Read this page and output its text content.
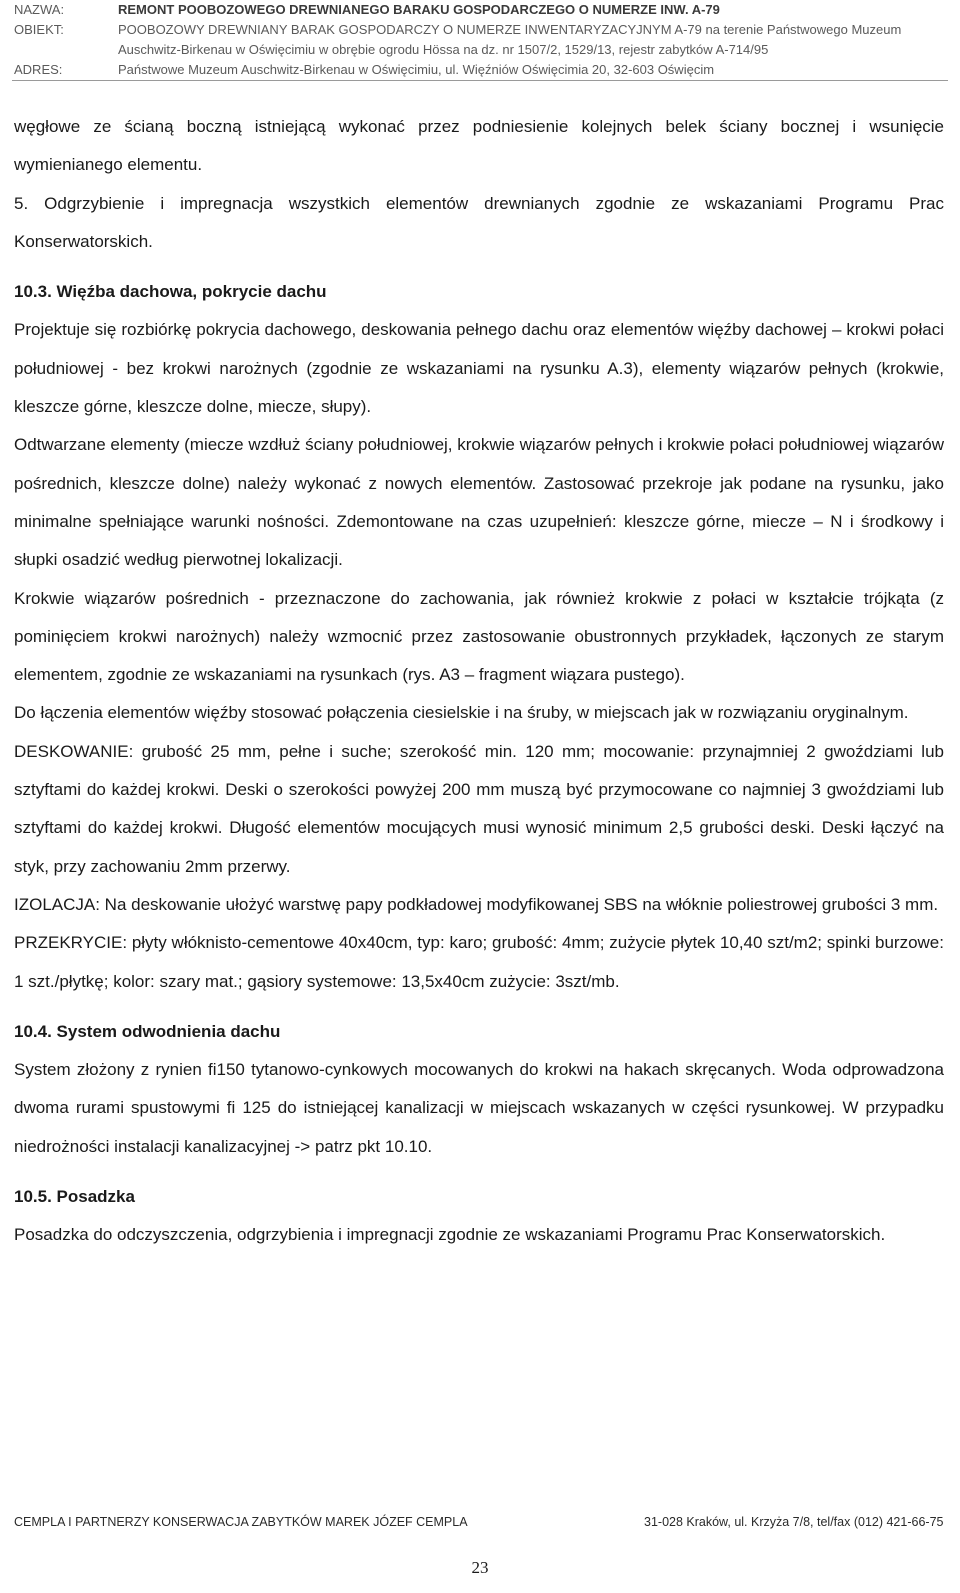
NAZWA:	REMONT POOBOZOWEGO DREWNIANEGO BARAKU GOSPODARCZEGO O NUMERZE INW. A-79
OBIEKT:	POOBOZOWY DREWNIANY BARAK GOSPODARCZY O NUMERZE INWENTARYZACYJNYM A-79 na terenie Państwowego Muzeum
Auschwitz-Birkenau w Oświęcimiu w obrębie ogrodu Hössa na dz. nr 1507/2, 1529/13, rejestr zabytków A-714/95
ADRES:	Państwowe Muzeum Auschwitz-Birkenau w Oświęcimiu, ul. Więźniów Oświęcimia 20, 32-603 Oświęcim

węgłowe ze ścianą boczną istniejącą wykonać przez podniesienie kolejnych belek ściany bocznej i wsunięcie wymienianego elementu.

5. Odgrzybienie i impregnacja wszystkich elementów drewnianych zgodnie ze wskazaniami Programu Prac Konserwatorskich.

10.3. Więźba dachowa, pokrycie dachu

Projektuje się rozbiórkę pokrycia dachowego, deskowania pełnego dachu oraz elementów więźby dachowej – krokwi połaci południowej - bez krokwi narożnych (zgodnie ze wskazaniami na rysunku A.3), elementy wiązarów pełnych (krokwie, kleszcze górne, kleszcze dolne, miecze, słupy).

Odtwarzane elementy (miecze wzdłuż ściany południowej, krokwie wiązarów pełnych i krokwie połaci południowej wiązarów pośrednich, kleszcze dolne) należy wykonać z nowych elementów. Zastosować przekroje jak podane na rysunku, jako minimalne spełniające warunki nośności. Zdemontowane na czas uzupełnień: kleszcze górne, miecze – N i środkowy i słupki osadzić według pierwotnej lokalizacji.

Krokwie wiązarów pośrednich - przeznaczone do zachowania, jak również krokwie z połaci w kształcie trójkąta (z pominięciem krokwi narożnych) należy wzmocnić przez zastosowanie obustronnych przykładek, łączonych ze starym elementem, zgodnie ze wskazaniami na rysunkach (rys. A3 – fragment wiązara pustego).

Do łączenia elementów więźby stosować połączenia ciesielskie i na śruby, w miejscach jak w rozwiązaniu oryginalnym.

DESKOWANIE: grubość 25 mm, pełne i suche; szerokość min. 120 mm; mocowanie: przynajmniej 2 gwoździami lub sztyftami do każdej krokwi. Deski o szerokości powyżej 200 mm muszą być przymocowane co najmniej 3 gwoździami lub sztyftami do każdej krokwi. Długość elementów mocujących musi wynosić minimum 2,5 grubości deski. Deski łączyć na styk, przy zachowaniu 2mm przerwy.

IZOLACJA: Na deskowanie ułożyć warstwę papy podkładowej modyfikowanej SBS na włóknie poliestrowej grubości 3 mm.

PRZEKRYCIE: płyty włóknisto-cementowe 40x40cm, typ: karo; grubość: 4mm; zużycie płytek 10,40 szt/m2; spinki burzowe: 1 szt./płytkę; kolor: szary mat.; gąsiory systemowe: 13,5x40cm zużycie: 3szt/mb.

10.4. System odwodnienia dachu

System złożony z rynien fi150 tytanowo-cynkowych mocowanych do krokwi na hakach skręcanych. Woda odprowadzona dwoma rurami spustowymi fi 125 do istniejącej kanalizacji w miejscach wskazanych w części rysunkowej. W przypadku niedrożności instalacji kanalizacyjnej -> patrz pkt 10.10.

10.5. Posadzka

Posadzka do odczyszczenia, odgrzybienia i impregnacji zgodnie ze wskazaniami Programu Prac Konserwatorskich.

CEMPLA I PARTNERZY KONSERWACJA ZABYTKÓW MAREK JÓZEF CEMPLA	31-028 Kraków, ul. Krzyża 7/8, tel/fax (012) 421-66-75
23
